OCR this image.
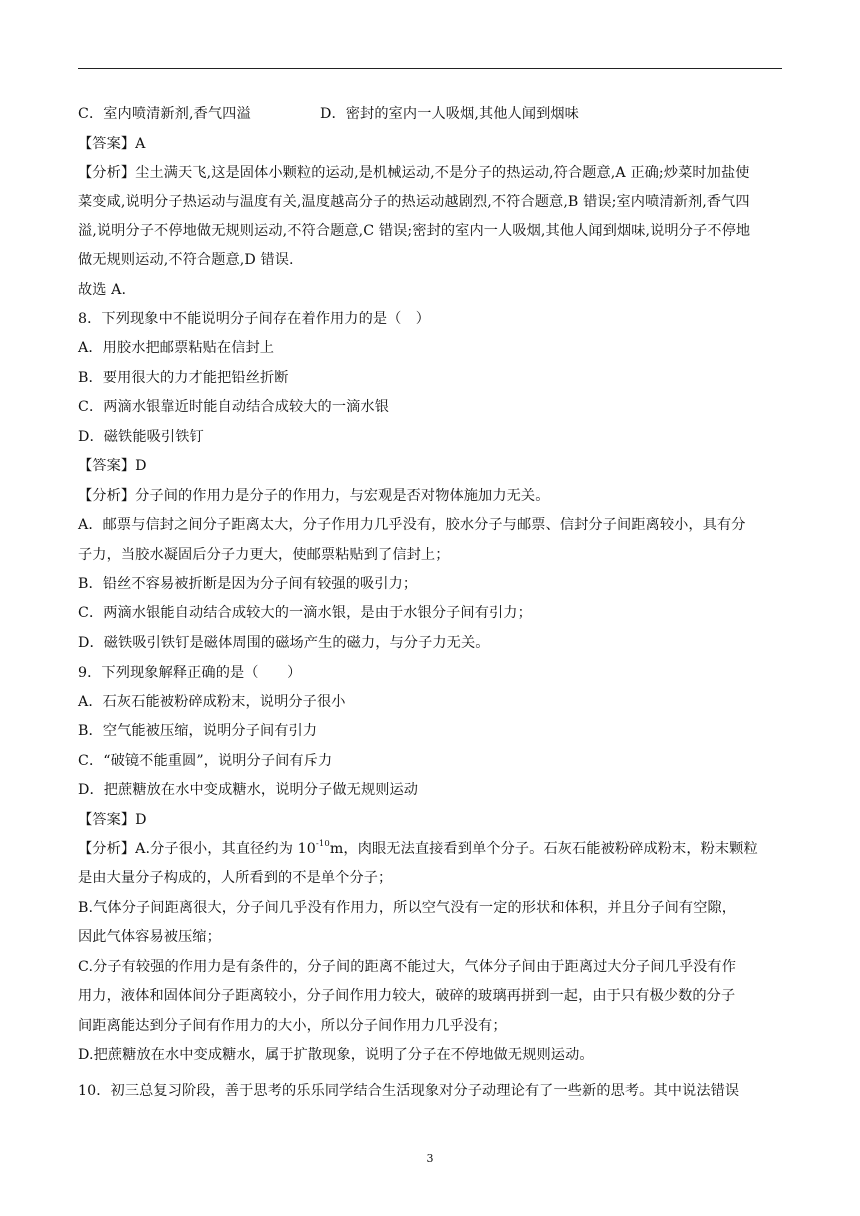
C．室内喷清新剂,香气四溢	D．密封的室内一人吸烟,其他人闻到烟味
【答案】A
【分析】尘土满天飞,这是固体小颗粒的运动,是机械运动,不是分子的热运动,符合题意,A 正确;炒菜时加盐使
菜变咸,说明分子热运动与温度有关,温度越高分子的热运动越剧烈,不符合题意,B 错误;室内喷清新剂,香气四
溢,说明分子不停地做无规则运动,不符合题意,C 错误;密封的室内一人吸烟,其他人闻到烟味,说明分子不停地
做无规则运动,不符合题意,D 错误.
故选 A.
8．下列现象中不能说明分子间存在着作用力的是（　）
A．用胶水把邮票粘贴在信封上
B．要用很大的力才能把铅丝折断
C．两滴水银靠近时能自动结合成较大的一滴水银
D．磁铁能吸引铁钉
【答案】D
【分析】分子间的作用力是分子的作用力，与宏观是否对物体施加力无关。
A．邮票与信封之间分子距离太大，分子作用力几乎没有，胶水分子与邮票、信封分子间距离较小，具有分
子力，当胶水凝固后分子力更大，使邮票粘贴到了信封上；
B．铅丝不容易被折断是因为分子间有较强的吸引力；
C．两滴水银能自动结合成较大的一滴水银，是由于水银分子间有引力；
D．磁铁吸引铁钉是磁体周围的磁场产生的磁力，与分子力无关。
9．下列现象解释正确的是（　　）
A．石灰石能被粉碎成粉末，说明分子很小
B．空气能被压缩，说明分子间有引力
C．“破镜不能重圆”，说明分子间有斥力
D．把蔗糖放在水中变成糖水，说明分子做无规则运动
【答案】D
【分析】A.分子很小，其直径约为 $10^{-10}m$，肉眼无法直接看到单个分子。石灰石能被粉碎成粉末，粉末颗粒
是由大量分子构成的，人所看到的不是单个分子；
B.气体分子间距离很大，分子间几乎没有作用力，所以空气没有一定的形状和体积，并且分子间有空隙，
因此气体容易被压缩；
C.分子有较强的作用力是有条件的，分子间的距离不能过大，气体分子间由于距离过大分子间几乎没有作
用力，液体和固体间分子距离较小，分子间作用力较大，破碎的玻璃再拼到一起，由于只有极少数的分子
间距离能达到分子间有作用力的大小，所以分子间作用力几乎没有；
D.把蔗糖放在水中变成糖水，属于扩散现象，说明了分子在不停地做无规则运动。
10．初三总复习阶段，善于思考的乐乐同学结合生活现象对分子动理论有了一些新的思考。其中说法错误
3
